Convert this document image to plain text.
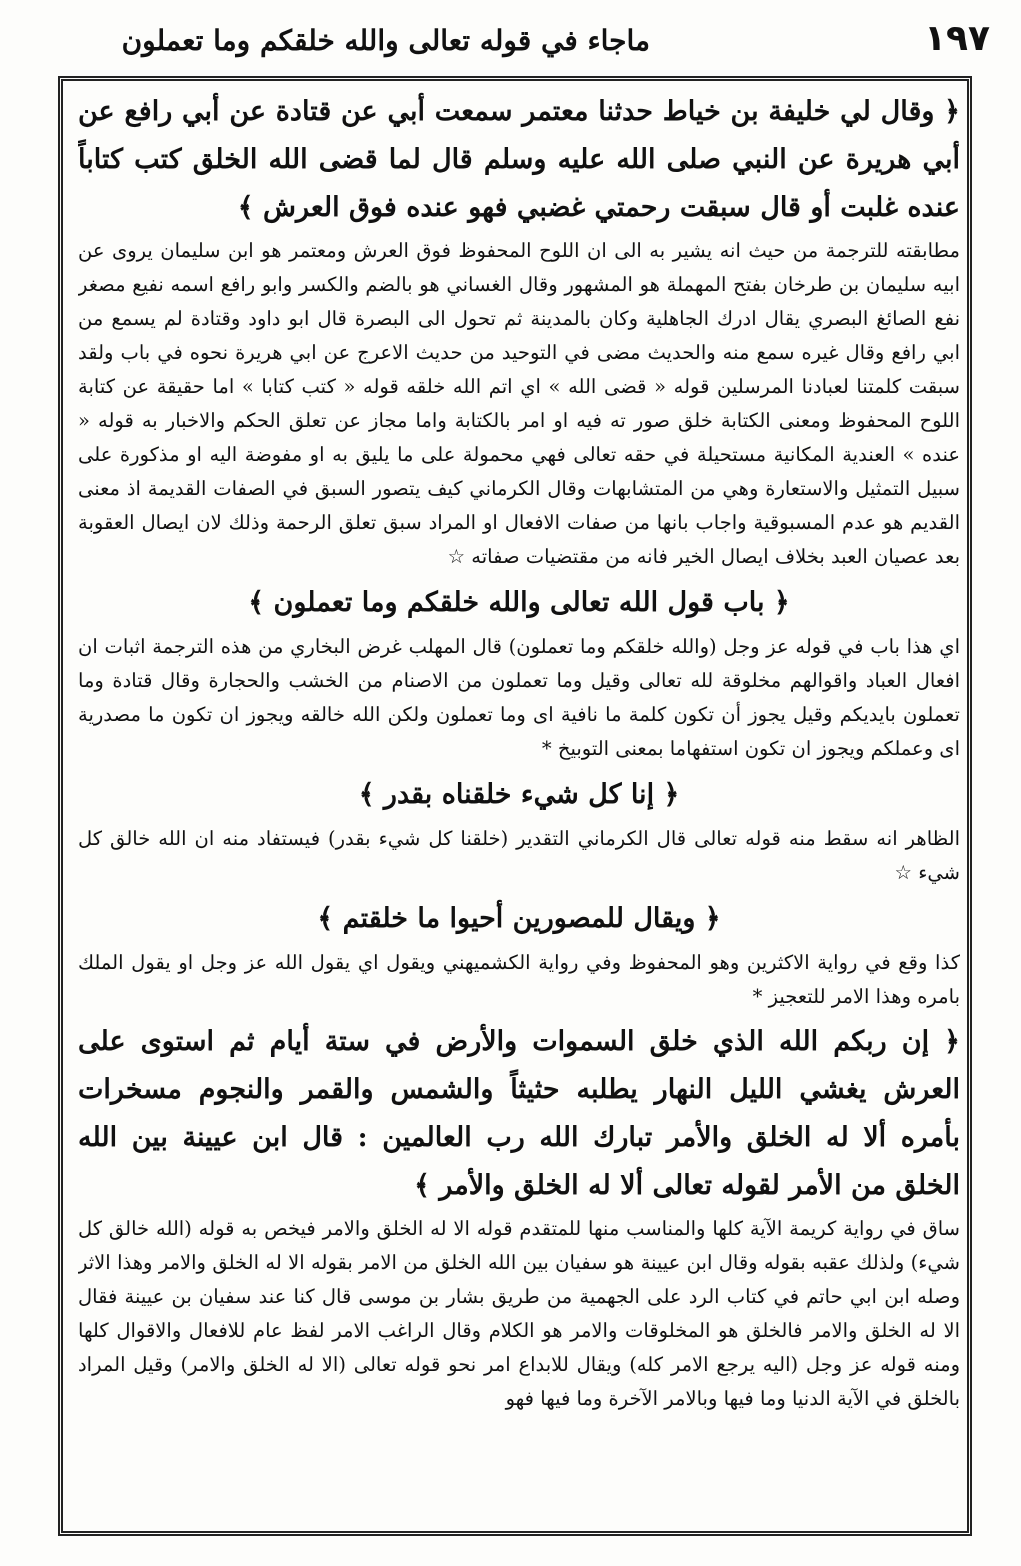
١٩٧
ماجاء في قوله تعالى والله خلقكم وما تعملون

﴿ وقال لي خليفة بن خياط حدثنا معتمر سمعت أبي عن قتادة عن أبي رافع عن أبي هريرة عن النبي صلى الله عليه وسلم قال لما قضى الله الخلق كتب كتاباً عنده غلبت أو قال سبقت رحمتي غضبي فهو عنده فوق العرش ﴾

مطابقته للترجمة من حيث انه يشير به الى ان اللوح المحفوظ فوق العرش ومعتمر هو ابن سليمان يروى عن ابيه سليمان بن طرخان بفتح المهملة هو المشهور وقال الغساني هو بالضم والكسر وابو رافع اسمه نفيع مصغر نفع الصائغ البصري يقال ادرك الجاهلية وكان بالمدينة ثم تحول الى البصرة قال ابو داود وقتادة لم يسمع من ابي رافع وقال غيره سمع منه والحديث مضى في التوحيد من حديث الاعرج عن ابي هريرة نحوه في باب ولقد سبقت كلمتنا لعبادنا المرسلين قوله « قضى الله » اي اتم الله خلقه قوله « كتب كتابا » اما حقيقة عن كتابة اللوح المحفوظ ومعنى الكتابة خلق صور ته فيه او امر بالكتابة واما مجاز عن تعلق الحكم والاخبار به قوله « عنده » العندية المكانية مستحيلة في حقه تعالى فهي محمولة على ما يليق به او مفوضة اليه او مذكورة على سبيل التمثيل والاستعارة وهي من المتشابهات وقال الكرماني كيف يتصور السبق في الصفات القديمة اذ معنى القديم هو عدم المسبوقية واجاب بانها من صفات الافعال او المراد سبق تعلق الرحمة وذلك لان ايصال العقوبة بعد عصيان العبد بخلاف ايصال الخير فانه من مقتضيات صفاته ☆

﴿ باب قول الله تعالى والله خلقكم وما تعملون ﴾

اي هذا باب في قوله عز وجل (والله خلقكم وما تعملون) قال المهلب غرض البخاري من هذه الترجمة اثبات ان افعال العباد واقوالهم مخلوقة لله تعالى وقيل وما تعملون من الاصنام من الخشب والحجارة وقال قتادة وما تعملون بايديكم وقيل يجوز أن تكون كلمة ما نافية اى وما تعملون ولكن الله خالقه ويجوز ان تكون ما مصدرية اى وعملكم ويجوز ان تكون استفهاما بمعنى التوبيخ *

﴿ إنا كل شيء خلقناه بقدر ﴾

الظاهر انه سقط منه قوله تعالى قال الكرماني التقدير (خلقنا كل شيء بقدر) فيستفاد منه ان الله خالق كل شيء ☆

﴿ ويقال للمصورين أحيوا ما خلقتم ﴾

كذا وقع في رواية الاكثرين وهو المحفوظ وفي رواية الكشميهني ويقول اي يقول الله عز وجل او يقول الملك بامره وهذا الامر للتعجيز *

﴿ إن ربكم الله الذي خلق السموات والأرض في ستة أيام ثم استوى على العرش يغشي الليل النهار يطلبه حثيثاً والشمس والقمر والنجوم مسخرات بأمره ألا له الخلق والأمر تبارك الله رب العالمين : قال ابن عيينة بين الله الخلق من الأمر لقوله تعالى ألا له الخلق والأمر ﴾

ساق في رواية كريمة الآية كلها والمناسب منها للمتقدم قوله الا له الخلق والامر فيخص به قوله (الله خالق كل شيء) ولذلك عقبه بقوله وقال ابن عيينة هو سفيان بين الله الخلق من الامر بقوله الا له الخلق والامر وهذا الاثر وصله ابن ابي حاتم في كتاب الرد على الجهمية من طريق بشار بن موسى قال كنا عند سفيان بن عيينة فقال الا له الخلق والامر فالخلق هو المخلوقات والامر هو الكلام وقال الراغب الامر لفظ عام للافعال والاقوال كلها ومنه قوله عز وجل (اليه يرجع الامر كله) ويقال للابداع امر نحو قوله تعالى (الا له الخلق والامر) وقيل المراد بالخلق في الآية الدنيا وما فيها وبالامر الآخرة وما فيها فهو
